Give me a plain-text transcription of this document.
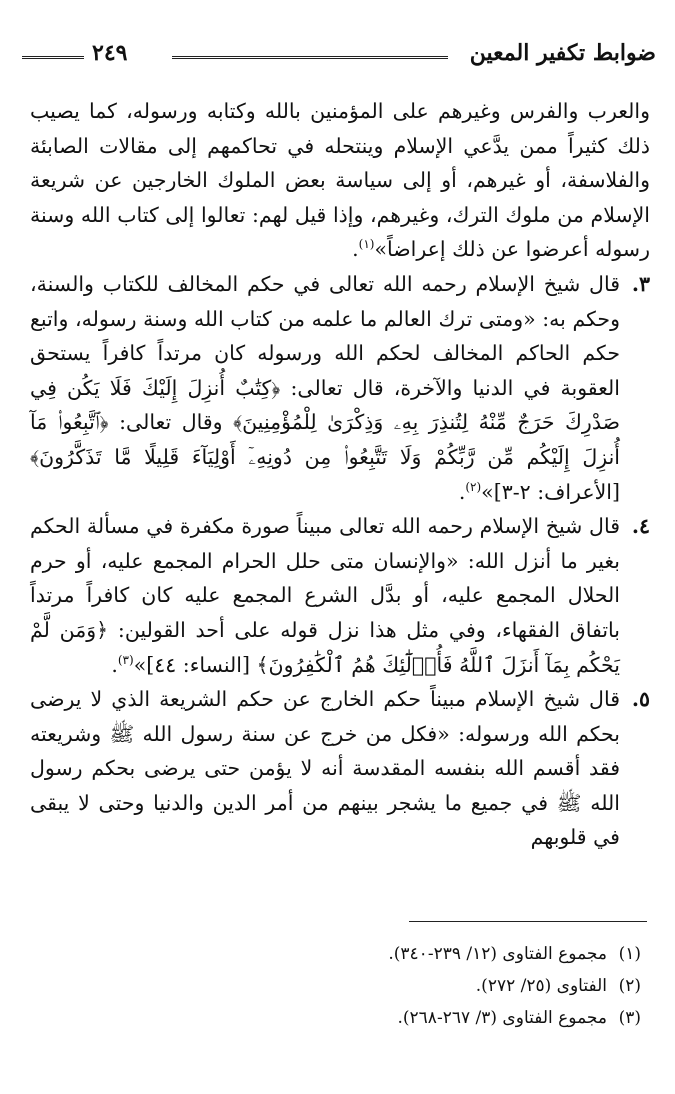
٢٤٩	ضوابط تكفير المعين

والعرب والفرس وغيرهم على المؤمنين بالله وكتابه ورسوله، كما يصيب ذلك كثيراً ممن يدَّعي الإسلام وينتحله في تحاكمهم إلى مقالات الصابئة والفلاسفة، أو غيرهم، أو إلى سياسة بعض الملوك الخارجين عن شريعة الإسلام من ملوك الترك، وغيرهم، وإذا قيل لهم: تعالوا إلى كتاب الله وسنة رسوله أعرضوا عن ذلك إعراضاً»$^{(١)}$.

٣.

قال شيخ الإسلام رحمه الله تعالى في حكم المخالف للكتاب والسنة، وحكم به: «ومتى ترك العالم ما علمه من كتاب الله وسنة رسوله، واتبع حكم الحاكم المخالف لحكم الله ورسوله كان مرتداً كافراً يستحق العقوبة في الدنيا والآخرة، قال تعالى: ﴿كِتَٰبٌ أُنزِلَ إِلَيْكَ فَلَا يَكُن فِي صَدْرِكَ حَرَجٌ مِّنْهُ لِتُنذِرَ بِهِۦ وَذِكْرَىٰ لِلْمُؤْمِنِينَ﴾ وقال تعالى: ﴿ٱتَّبِعُوا۟ مَآ أُنزِلَ إِلَيْكُم مِّن رَّبِّكُمْ وَلَا تَتَّبِعُوا۟ مِن دُونِهِۦٓ أَوْلِيَآءَ قَلِيلًا مَّا تَذَكَّرُونَ﴾ [الأعراف: ٢-٣]»$^{(٢)}$.

٤.

قال شيخ الإسلام رحمه الله تعالى مبيناً صورة مكفرة في مسألة الحكم بغير ما أنزل الله: «والإنسان متى حلل الحرام المجمع عليه، أو حرم الحلال المجمع عليه، أو بدَّل الشرع المجمع عليه كان كافراً مرتداً باتفاق الفقهاء، وفي مثل هذا نزل قوله على أحد القولين: ﴿وَمَن لَّمْ يَحْكُم بِمَآ أَنزَلَ ٱللَّهُ فَأُو۟لَٰٓئِكَ هُمُ ٱلْكَٰفِرُونَ﴾ [النساء: ٤٤]»$^{(٣)}$.

٥.

قال شيخ الإسلام مبيناً حكم الخارج عن حكم الشريعة الذي لا يرضى بحكم الله ورسوله: «فكل من خرج عن سنة رسول الله ﷺ وشريعته فقد أقسم الله بنفسه المقدسة أنه لا يؤمن حتى يرضى بحكم رسول الله ﷺ في جميع ما يشجر بينهم من أمر الدين والدنيا وحتى لا يبقى في قلوبهم

(١)مجموع الفتاوى (١٢/ ٢٣٩-٣٤٠).
(٢)الفتاوى (٢٥/ ٢٧٢).
(٣)مجموع الفتاوى (٣/ ٢٦٧-٢٦٨).
